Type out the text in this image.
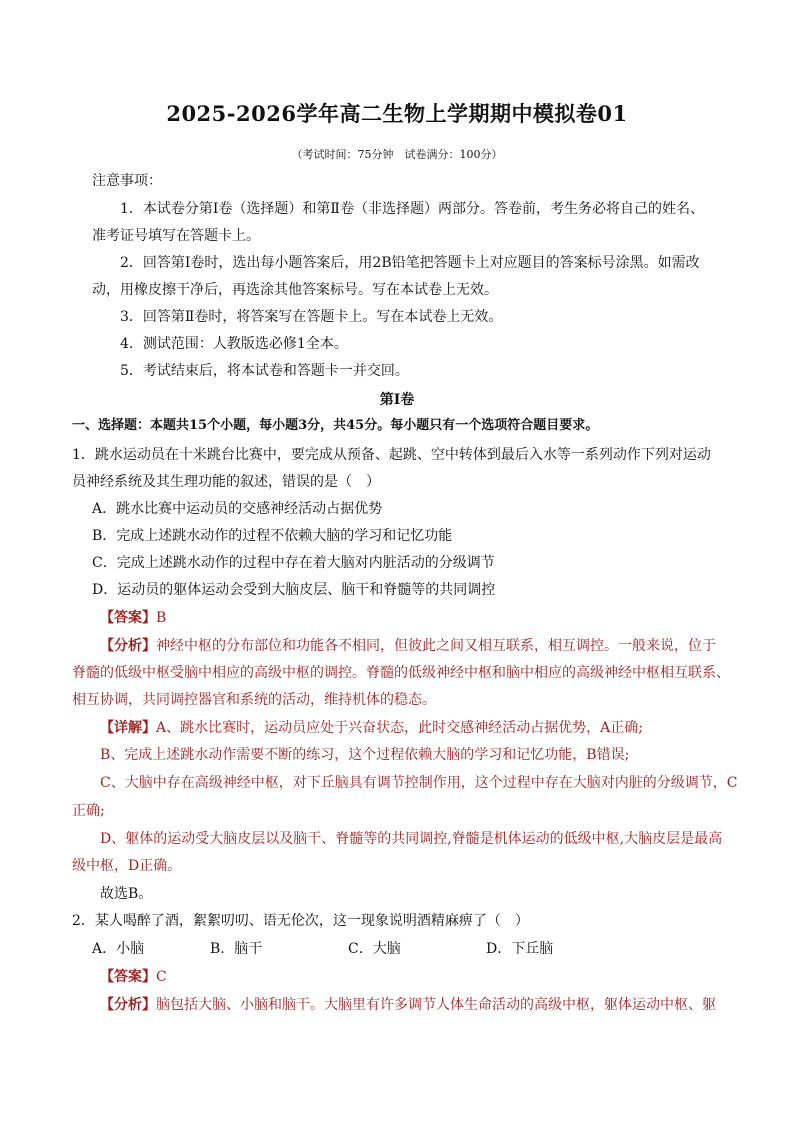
2025-2026学年高二生物上学期期中模拟卷01
（考试时间：75分钟　试卷满分：100分）
注意事项：
1．本试卷分第Ⅰ卷（选择题）和第Ⅱ卷（非选择题）两部分。答卷前，考生务必将自己的姓名、
准考证号填写在答题卡上。
2．回答第Ⅰ卷时，选出每小题答案后，用2B铅笔把答题卡上对应题目的答案标号涂黑。如需改
动，用橡皮擦干净后，再选涂其他答案标号。写在本试卷上无效。
3．回答第Ⅱ卷时，将答案写在答题卡上。写在本试卷上无效。
4．测试范围：人教版选必修1全本。
5．考试结束后，将本试卷和答题卡一并交回。
第Ⅰ卷
一、选择题：本题共15个小题，每小题3分，共45分。每小题只有一个选项符合题目要求。
1．跳水运动员在十米跳台比赛中，要完成从预备、起跳、空中转体到最后入水等一系列动作下列对运动
员神经系统及其生理功能的叙述，错误的是（　）
A．跳水比赛中运动员的交感神经活动占据优势
B．完成上述跳水动作的过程不依赖大脑的学习和记忆功能
C．完成上述跳水动作的过程中存在着大脑对内脏活动的分级调节
D．运动员的躯体运动会受到大脑皮层、脑干和脊髓等的共同调控
【答案】B
【分析】神经中枢的分布部位和功能各不相同，但彼此之间又相互联系，相互调控。一般来说，位于
脊髓的低级中枢受脑中相应的高级中枢的调控。脊髓的低级神经中枢和脑中相应的高级神经中枢相互联系、
相互协调，共同调控器官和系统的活动，维持机体的稳态。
【详解】A、跳水比赛时，运动员应处于兴奋状态，此时交感神经活动占据优势，A正确;
B、完成上述跳水动作需要不断的练习，这个过程依赖大脑的学习和记忆功能，B错误;
C、大脑中存在高级神经中枢，对下丘脑具有调节控制作用，这个过程中存在大脑对内脏的分级调节，C
正确;
D、躯体的运动受大脑皮层以及脑干、脊髓等的共同调控,脊髓是机体运动的低级中枢,大脑皮层是最高
级中枢，D正确。
故选B。
2．某人喝醉了酒，絮絮叨叨、语无伦次，这一现象说明酒精麻痹了（　）
A．小脑	B．脑干	C．大脑	D．下丘脑
【答案】C
【分析】脑包括大脑、小脑和脑干。大脑里有许多调节人体生命活动的高级中枢，躯体运动中枢、躯
